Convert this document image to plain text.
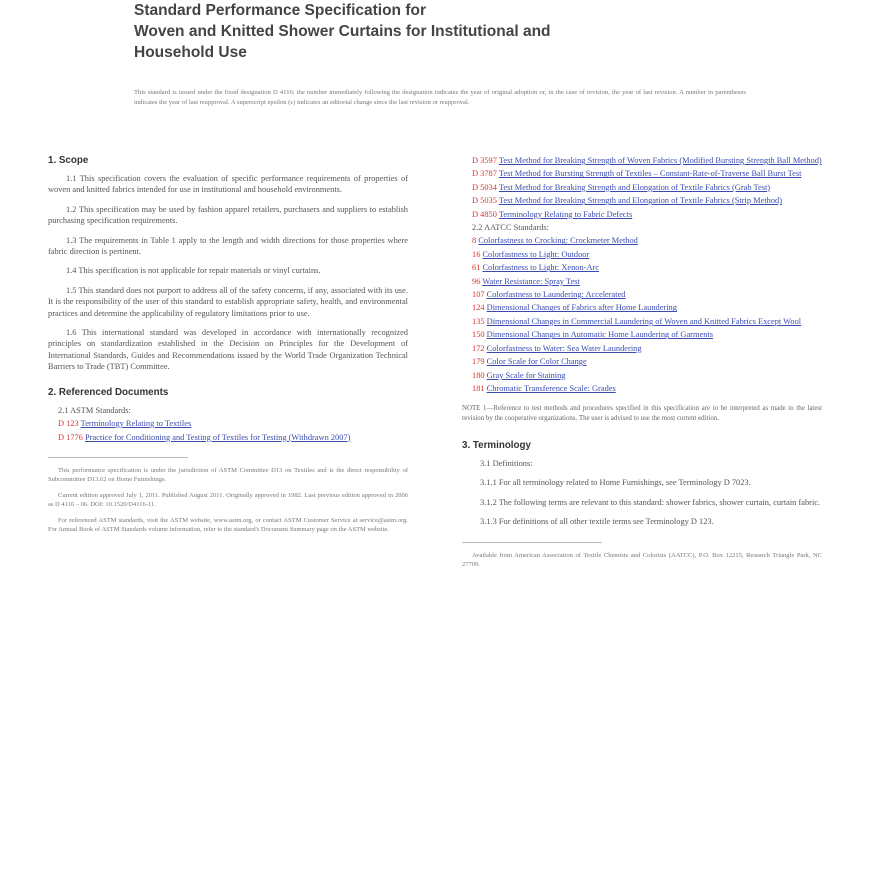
Standard Performance Specification for
Woven and Knitted Shower Curtains for Institutional and
Household Use
This standard is issued under the fixed designation D 4116; the number immediately following the designation indicates the year of original adoption or, in the case of revision, the year of last revision. A number in parentheses indicates the year of last reapproval. A superscript epsilon (ε) indicates an editorial change since the last revision or reapproval.
1. Scope
1.1 This specification covers the evaluation of specific performance requirements of properties of woven and knitted fabrics intended for use in institutional and household environments.
1.2 This specification may be used by fashion apparel retailers, purchasers and suppliers to establish purchasing specification requirements.
1.3 The requirements in Table 1 apply to the length and width directions for those properties where fabric direction is pertinent.
1.4 This specification is not applicable for repair materials or vinyl curtains.
1.5 This standard does not purport to address all of the safety concerns, if any, associated with its use. It is the responsibility of the user of this standard to establish appropriate safety, health, and environmental practices and determine the applicability of regulatory limitations prior to use.
1.6 This international standard was developed in accordance with internationally recognized principles on standardization established in the Decision on Principles for the Development of International Standards, Guides and Recommendations issued by the World Trade Organization Technical Barriers to Trade (TBT) Committee.
2. Referenced Documents
2.1 ASTM Standards:
D 123 Terminology Relating to Textiles
D 1776 Practice for Conditioning and Testing of Textiles for Testing (Withdrawn 2007)
This performance specification is under the jurisdiction of ASTM Committee D13 on Textiles and is the direct responsibility of Subcommittee D13.62 on Home Furnishings.
Current edition approved July 1, 2011. Published August 2011. Originally approved in 1982. Last previous edition approved in 2006 as D 4116 – 06. DOI: 10.1520/D4116-11.
For referenced ASTM standards, visit the ASTM website, www.astm.org, or contact ASTM Customer Service at service@astm.org. For Annual Book of ASTM Standards volume information, refer to the standard's Document Summary page on the ASTM website.
D 3597 Test Method for Breaking Strength of Woven Fabrics (Modified Bursting Strength Ball Method)
D 3787 Test Method for Bursting Strength of Textiles – Constant-Rate-of-Traverse Ball Burst Test
D 5034 Test Method for Breaking Strength and Elongation of Textile Fabrics (Grab Test)
D 5035 Test Method for Breaking Strength and Elongation of Textile Fabrics (Strip Method)
D 4850 Terminology Relating to Fabric Defects
2.2 AATCC Standards:
8 Colorfastness to Crocking: Crockmeter Method
16 Colorfastness to Light: Outdoor
61 Colorfastness to Light: Xenon-Arc
96 Water Resistance: Spray Test
107 Colorfastness to Laundering: Accelerated
124 Dimensional Changes of Fabrics after Home Laundering
135 Dimensional Changes in Commercial Laundering of Woven and Knitted Fabrics Except Wool
150 Dimensional Changes in Automatic Home Laundering of Garments
172 Colorfastness to Water: Sea Water Laundering
179 Color Scale for Color Change
180 Gray Scale for Staining
181 Chromatic Transference Scale: Grades
NOTE 1—Reference to test methods and procedures specified in this specification are to be interpreted as made to the latest revision by the cooperative organizations. The user is advised to use the most current edition.
3. Terminology
3.1 Definitions:
3.1.1 For all terminology related to Home Furnishings, see Terminology D 7023.
3.1.2 The following terms are relevant to this standard: shower fabrics, shower curtain, curtain fabric.
3.1.3 For definitions of all other textile terms see Terminology D 123.
Available from American Association of Textile Chemists and Colorists (AATCC), P.O. Box 12215, Research Triangle Park, NC 27709.
